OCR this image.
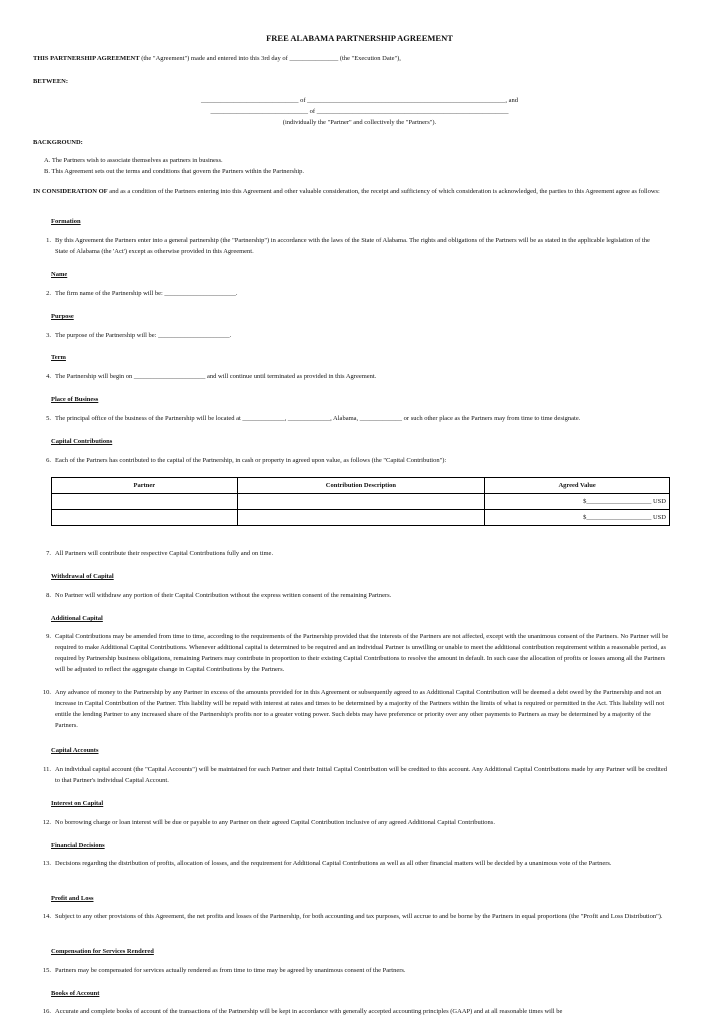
FREE ALABAMA PARTNERSHIP AGREEMENT
THIS PARTNERSHIP AGREEMENT (the "Agreement") made and entered into this 3rd day of _______________ (the "Execution Date"),
BETWEEN:
______________________________ of _____________________________________________________________, and
______________________________ of ___________________________________________________________
(individually the "Partner" and collectively the "Partners").
BACKGROUND:
A. The Partners wish to associate themselves as partners in business.
B. This Agreement sets out the terms and conditions that govern the Partners within the Partnership.
IN CONSIDERATION OF and as a condition of the Partners entering into this Agreement and other valuable consideration, the receipt and sufficiency of which consideration is acknowledged, the parties to this Agreement agree as follows:
Formation
1. By this Agreement the Partners enter into a general partnership (the "Partnership") in accordance with the laws of the State of Alabama. The rights and obligations of the Partners will be as stated in the applicable legislation of the State of Alabama (the 'Act') except as otherwise provided in this Agreement.
Name
2. The firm name of the Partnership will be: ______________________.
Purpose
3. The purpose of the Partnership will be: ______________________.
Term
4. The Partnership will begin on ______________________ and will continue until terminated as provided in this Agreement.
Place of Business
5. The principal office of the business of the Partnership will be located at _____________, _____________, Alabama, _____________ or such other place as the Partners may from time to time designate.
Capital Contributions
6. Each of the Partners has contributed to the capital of the Partnership, in cash or property in agreed upon value, as follows (the "Capital Contribution"):
Partner	Contribution Description	Agreed Value
		$____________________ USD
		$____________________ USD
7. All Partners will contribute their respective Capital Contributions fully and on time.
Withdrawal of Capital
8. No Partner will withdraw any portion of their Capital Contribution without the express written consent of the remaining Partners.
Additional Capital
9. Capital Contributions may be amended from time to time, according to the requirements of the Partnership provided that the interests of the Partners are not affected, except with the unanimous consent of the Partners. No Partner will be required to make Additional Capital Contributions. Whenever additional capital is determined to be required and an individual Partner is unwilling or unable to meet the additional contribution requirement within a reasonable period, as required by Partnership business obligations, remaining Partners may contribute in proportion to their existing Capital Contributions to resolve the amount in default. In such case the allocation of profits or losses among all the Partners will be adjusted to reflect the aggregate change in Capital Contributions by the Partners.
10. Any advance of money to the Partnership by any Partner in excess of the amounts provided for in this Agreement or subsequently agreed to as Additional Capital Contribution will be deemed a debt owed by the Partnership and not an increase in Capital Contribution of the Partner. This liability will be repaid with interest at rates and times to be determined by a majority of the Partners within the limits of what is required or permitted in the Act. This liability will not entitle the lending Partner to any increased share of the Partnership's profits nor to a greater voting power. Such debts may have preference or priority over any other payments to Partners as may be determined by a majority of the Partners.
Capital Accounts
11. An individual capital account (the "Capital Accounts") will be maintained for each Partner and their Initial Capital Contribution will be credited to this account. Any Additional Capital Contributions made by any Partner will be credited to that Partner's individual Capital Account.
Interest on Capital
12. No borrowing charge or loan interest will be due or payable to any Partner on their agreed Capital Contribution inclusive of any agreed Additional Capital Contributions.
Financial Decisions
13. Decisions regarding the distribution of profits, allocation of losses, and the requirement for Additional Capital Contributions as well as all other financial matters will be decided by a unanimous vote of the Partners.
Profit and Loss
14. Subject to any other provisions of this Agreement, the net profits and losses of the Partnership, for both accounting and tax purposes, will accrue to and be borne by the Partners in equal proportions (the "Profit and Loss Distribution").
Compensation for Services Rendered
15. Partners may be compensated for services actually rendered as from time to time may be agreed by unanimous consent of the Partners.
Books of Account
16. Accurate and complete books of account of the transactions of the Partnership will be kept in accordance with generally accepted accounting principles (GAAP) and at all reasonable times will be
